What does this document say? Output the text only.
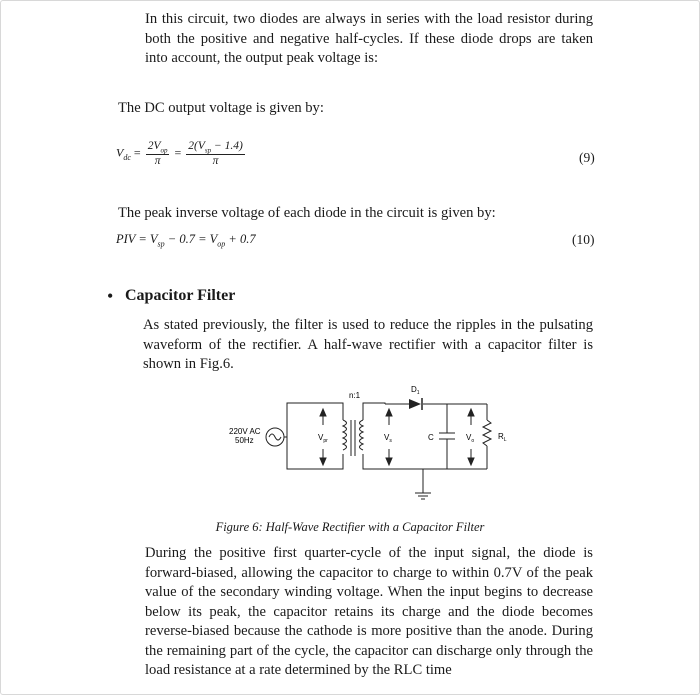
In this circuit, two diodes are always in series with the load resistor during both the positive and negative half-cycles. If these diode drops are taken into account, the output peak voltage is:
The DC output voltage is given by:
$V_{dc} = \frac{2V_{op}}{\pi} = \frac{2(V_{sp} - 1.4)}{\pi}$	(9)
The peak inverse voltage of each diode in the circuit is given by:
PIV = $V_{sp} - 0.7 = V_{op} + 0.7$	(10)
• Capacitor Filter
As stated previously, the filter is used to reduce the ripples in the pulsating waveform of the rectifier. A half-wave rectifier with a capacitor filter is shown in Fig.6.
220V AC
50Hz	$V_{pr}$
n:1
$V_s$
$D_1$
C	$V_o$	$R_L$
Figure 6: Half-Wave Rectifier with a Capacitor Filter
During the positive first quarter-cycle of the input signal, the diode is forward-biased, allowing the capacitor to charge to within 0.7V of the peak value of the secondary winding voltage. When the input begins to decrease below its peak, the capacitor retains its charge and the diode becomes reverse-biased because the cathode is more positive than the anode. During the remaining part of the cycle, the capacitor can discharge only through the load resistance at a rate determined by the RLC time
